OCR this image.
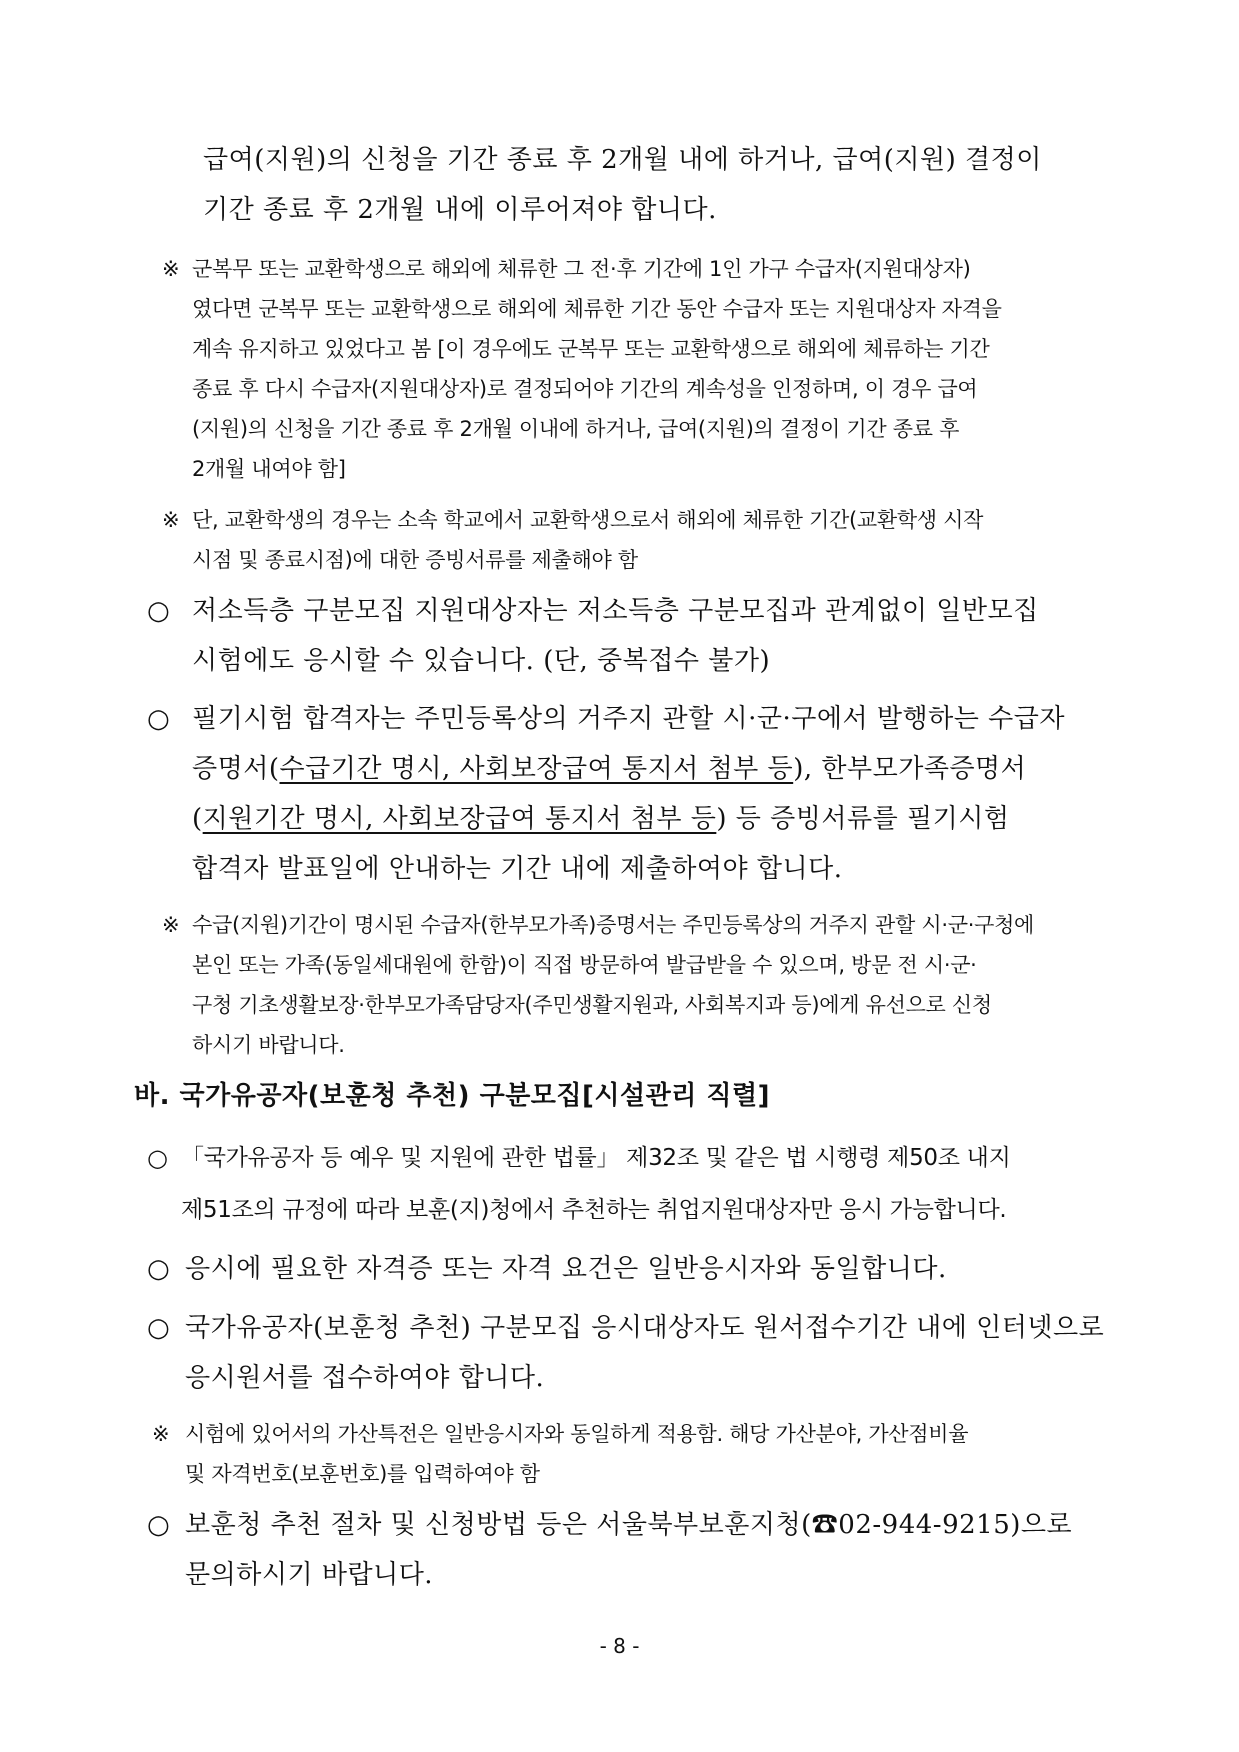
급여(지원)의 신청을 기간 종료 후 2개월 내에 하거나, 급여(지원) 결정이
기간 종료 후 2개월 내에 이루어져야 합니다.
※ 군복무 또는 교환학생으로 해외에 체류한 그 전·후 기간에 1인 가구 수급자(지원대상자)
였다면 군복무 또는 교환학생으로 해외에 체류한 기간 동안 수급자 또는 지원대상자 자격을
계속 유지하고 있었다고 봄 [이 경우에도 군복무 또는 교환학생으로 해외에 체류하는 기간
종료 후 다시 수급자(지원대상자)로 결정되어야 기간의 계속성을 인정하며, 이 경우 급여
(지원)의 신청을 기간 종료 후 2개월 이내에 하거나, 급여(지원)의 결정이 기간 종료 후
2개월 내여야 함]
※ 단, 교환학생의 경우는 소속 학교에서 교환학생으로서 해외에 체류한 기간(교환학생 시작
시점 및 종료시점)에 대한 증빙서류를 제출해야 함
○ 저소득층 구분모집 지원대상자는 저소득층 구분모집과 관계없이 일반모집
시험에도 응시할 수 있습니다. (단, 중복접수 불가)
○ 필기시험 합격자는 주민등록상의 거주지 관할 시·군·구에서 발행하는 수급자
증명서(수급기간 명시, 사회보장급여 통지서 첨부 등), 한부모가족증명서
(지원기간 명시, 사회보장급여 통지서 첨부 등) 등 증빙서류를 필기시험
합격자 발표일에 안내하는 기간 내에 제출하여야 합니다.
※ 수급(지원)기간이 명시된 수급자(한부모가족)증명서는 주민등록상의 거주지 관할 시·군·구청에
본인 또는 가족(동일세대원에 한함)이 직접 방문하여 발급받을 수 있으며, 방문 전 시·군·
구청 기초생활보장·한부모가족담당자(주민생활지원과, 사회복지과 등)에게 유선으로 신청
하시기 바랍니다.
바. 국가유공자(보훈청 추천) 구분모집[시설관리 직렬]
○ 「국가유공자 등 예우 및 지원에 관한 법률」 제32조 및 같은 법 시행령 제50조 내지
제51조의 규정에 따라 보훈(지)청에서 추천하는 취업지원대상자만 응시 가능합니다.
○ 응시에 필요한 자격증 또는 자격 요건은 일반응시자와 동일합니다.
○ 국가유공자(보훈청 추천) 구분모집 응시대상자도 원서접수기간 내에 인터넷으로
응시원서를 접수하여야 합니다.
※ 시험에 있어서의 가산특전은 일반응시자와 동일하게 적용함. 해당 가산분야, 가산점비율
및 자격번호(보훈번호)를 입력하여야 함
○ 보훈청 추천 절차 및 신청방법 등은 서울북부보훈지청(☎02-944-9215)으로
문의하시기 바랍니다.
- 8 -
